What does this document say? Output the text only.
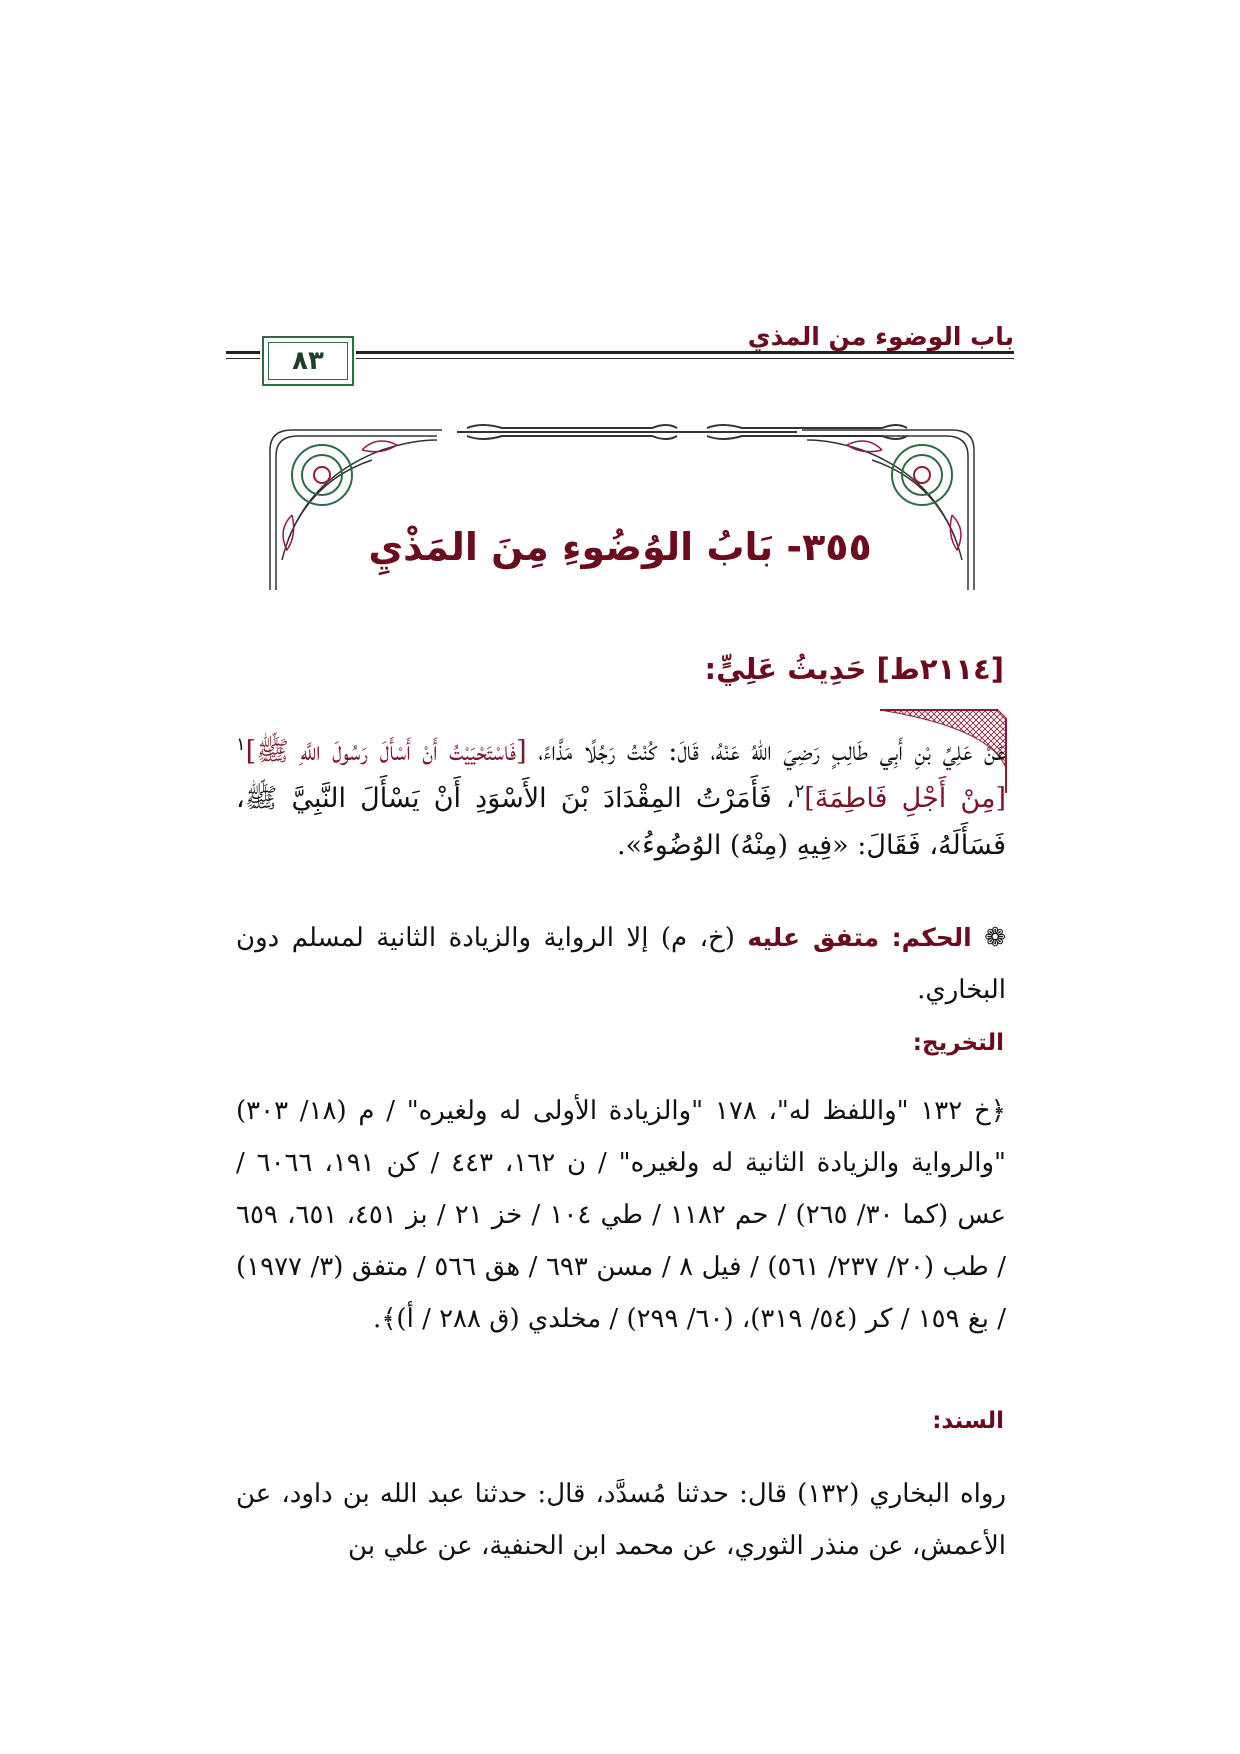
باب الوضوء من المذي
٨٣
٣٥٥- بَابُ الوُضُوءِ مِنَ المَذْيِ
[٢١١٤ط] حَدِيثُ عَلِيٍّ:
عَنْ عَلِيِّ بْنِ أَبِي طَالِبٍ رَضِيَ اللهُ عَنْهُ، قَالَ: كُنْتُ رَجُلًا مَذَّاءً، [فَاسْتَحْيَيْتُ أَنْ أَسْأَلَ رَسُولَ اللَّهِ ﷺ]$^١$ [مِنْ أَجْلِ فَاطِمَةَ]$^٢$، فَأَمَرْتُ المِقْدَادَ بْنَ الأَسْوَدِ أَنْ يَسْأَلَ النَّبِيَّ ﷺ، فَسَأَلَهُ، فَقَالَ: «فِيهِ (مِنْهُ) الوُضُوءُ».
❁ الحكم: متفق عليه (خ، م) إلا الرواية والزيادة الثانية لمسلم دون البخاري.
التخريج:
﴿خ ١٣٢ "واللفظ له"، ١٧٨ "والزيادة الأولى له ولغيره" / م (١٨/ ٣٠٣) "والرواية والزيادة الثانية له ولغيره" / ن ١٦٢، ٤٤٣ / كن ١٩١، ٦٠٦٦ / عس (كما ٣٠/ ٢٦٥) / حم ١١٨٢ / طي ١٠٤ / خز ٢١ / بز ٤٥١، ٦٥١، ٦٥٩ / طب (٢٠/ ٢٣٧/ ٥٦١) / فيل ٨ / مسن ٦٩٣ / هق ٥٦٦ / متفق (٣/ ١٩٧٧) / بغ ١٥٩ / كر (٥٤/ ٣١٩)، (٦٠/ ٢٩٩) / مخلدي (ق ٢٨٨ / أ)﴾.
السند:
رواه البخاري (١٣٢) قال: حدثنا مُسدَّد، قال: حدثنا عبد الله بن داود، عن الأعمش، عن منذر الثوري، عن محمد ابن الحنفية، عن علي بن
